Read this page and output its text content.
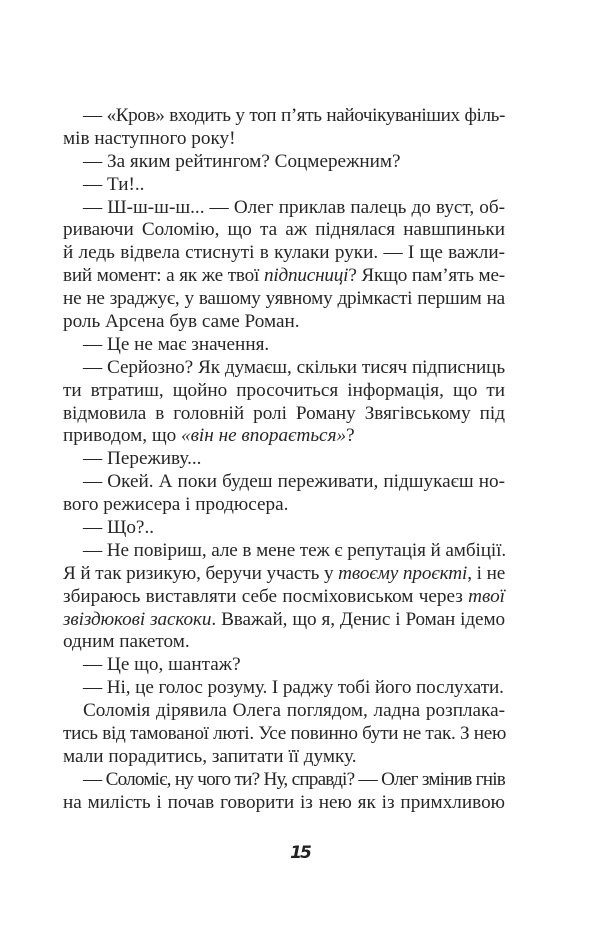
— «Кров» входить у топ п’ять найочікуваніших філь-
мів наступного року!
— За яким рейтингом? Соцмережним?
— Ти!..
— Ш-ш-ш-ш... — Олег приклав палець до вуст, об-
риваючи Соломію, що та аж піднялася навшпиньки
й ледь відвела стиснуті в кулаки руки. — І ще важли-
вий момент: а як же твої підписниці? Якщо пам’ять ме-
не не зраджує, у вашому уявному дрімкасті першим на
роль Арсена був саме Роман.
— Це не має значення.
— Серйозно? Як думаєш, скільки тисяч підписниць
ти втратиш, щойно просочиться інформація, що ти
відмовила в головній ролі Роману Звягівському під
приводом, що «він не впорається»?
— Переживу...
— Окей. А поки будеш переживати, підшукаєш но-
вого режисера і продюсера.
— Що?..
— Не повіриш, але в мене теж є репутація й амбіції.
Я й так ризикую, беручи участь у твоєму проєкті, і не
збираюсь виставляти себе посміховиськом через твої
звіздюкові заскоки. Вважай, що я, Денис і Роман ідемо
одним пакетом.
— Це що, шантаж?
— Ні, це голос розуму. І раджу тобі його послухати.
Соломія дірявила Олега поглядом, ладна розплака-
тись від тамованої люті. Усе повинно бути не так. З нею
мали порадитись, запитати її думку.
— Соломіє, ну чого ти? Ну, справді? — Олег змінив гнів
на милість і почав говорити із нею як із примхливою
15
